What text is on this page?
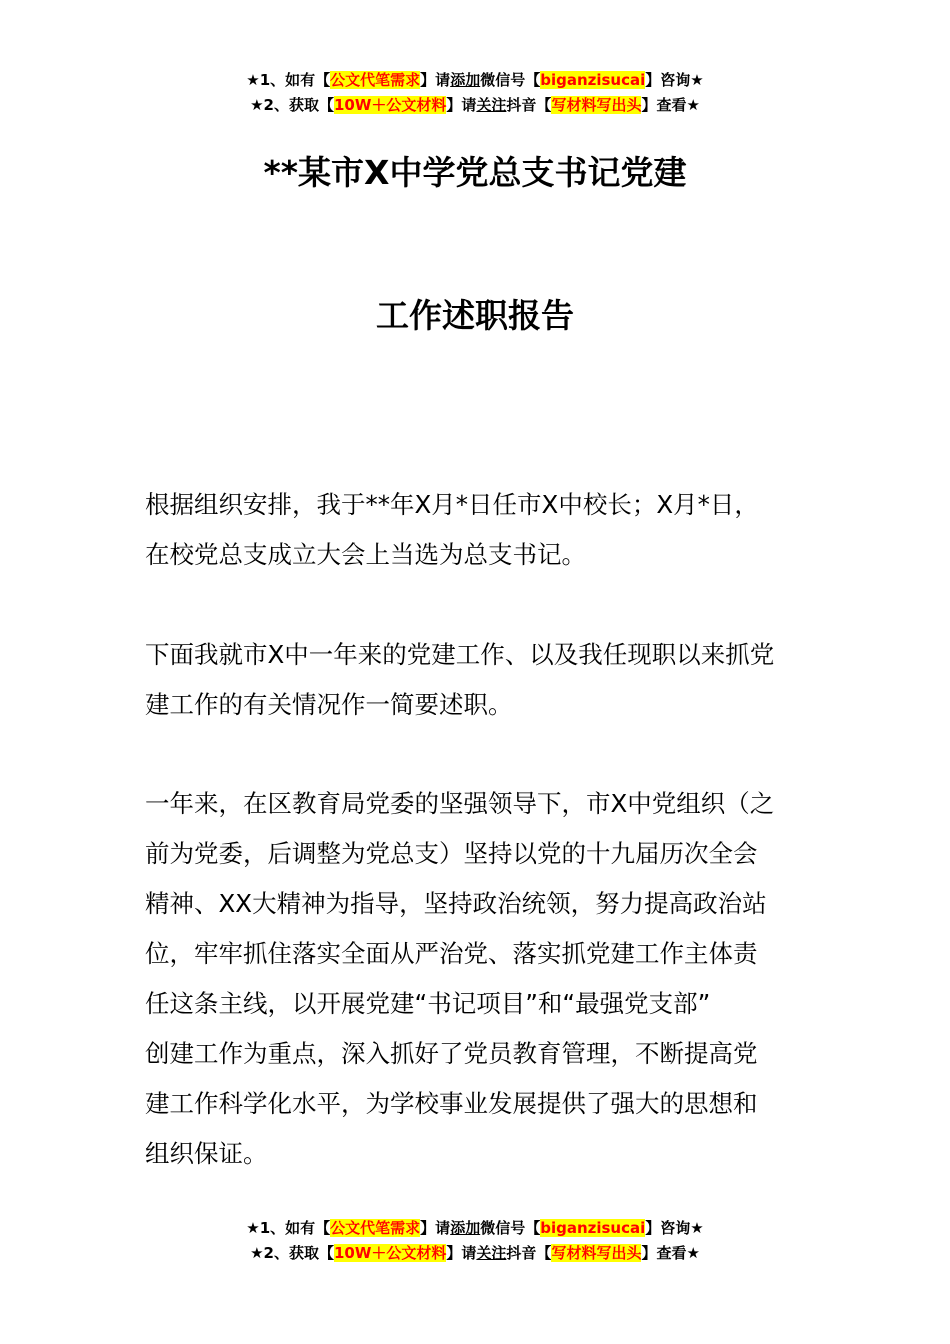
★1、如有【公文代笔需求】请添加微信号【biganzisucai】咨询★
★2、获取【10W＋公文材料】请关注抖音【写材料写出头】查看★
**某市X中学党总支书记党建
工作述职报告
根据组织安排，我于**年X月*日任市X中校长；X月*日，
在校党总支成立大会上当选为总支书记。
下面我就市X中一年来的党建工作、以及我任现职以来抓党
建工作的有关情况作一简要述职。
一年来，在区教育局党委的坚强领导下，市X中党组织（之
前为党委，后调整为党总支）坚持以党的十九届历次全会
精神、XX大精神为指导，坚持政治统领，努力提高政治站
位，牢牢抓住落实全面从严治党、落实抓党建工作主体责
任这条主线，以开展党建“书记项目”和“最强党支部”
创建工作为重点，深入抓好了党员教育管理，不断提高党
建工作科学化水平，为学校事业发展提供了强大的思想和
组织保证。
★1、如有【公文代笔需求】请添加微信号【biganzisucai】咨询★
★2、获取【10W＋公文材料】请关注抖音【写材料写出头】查看★
